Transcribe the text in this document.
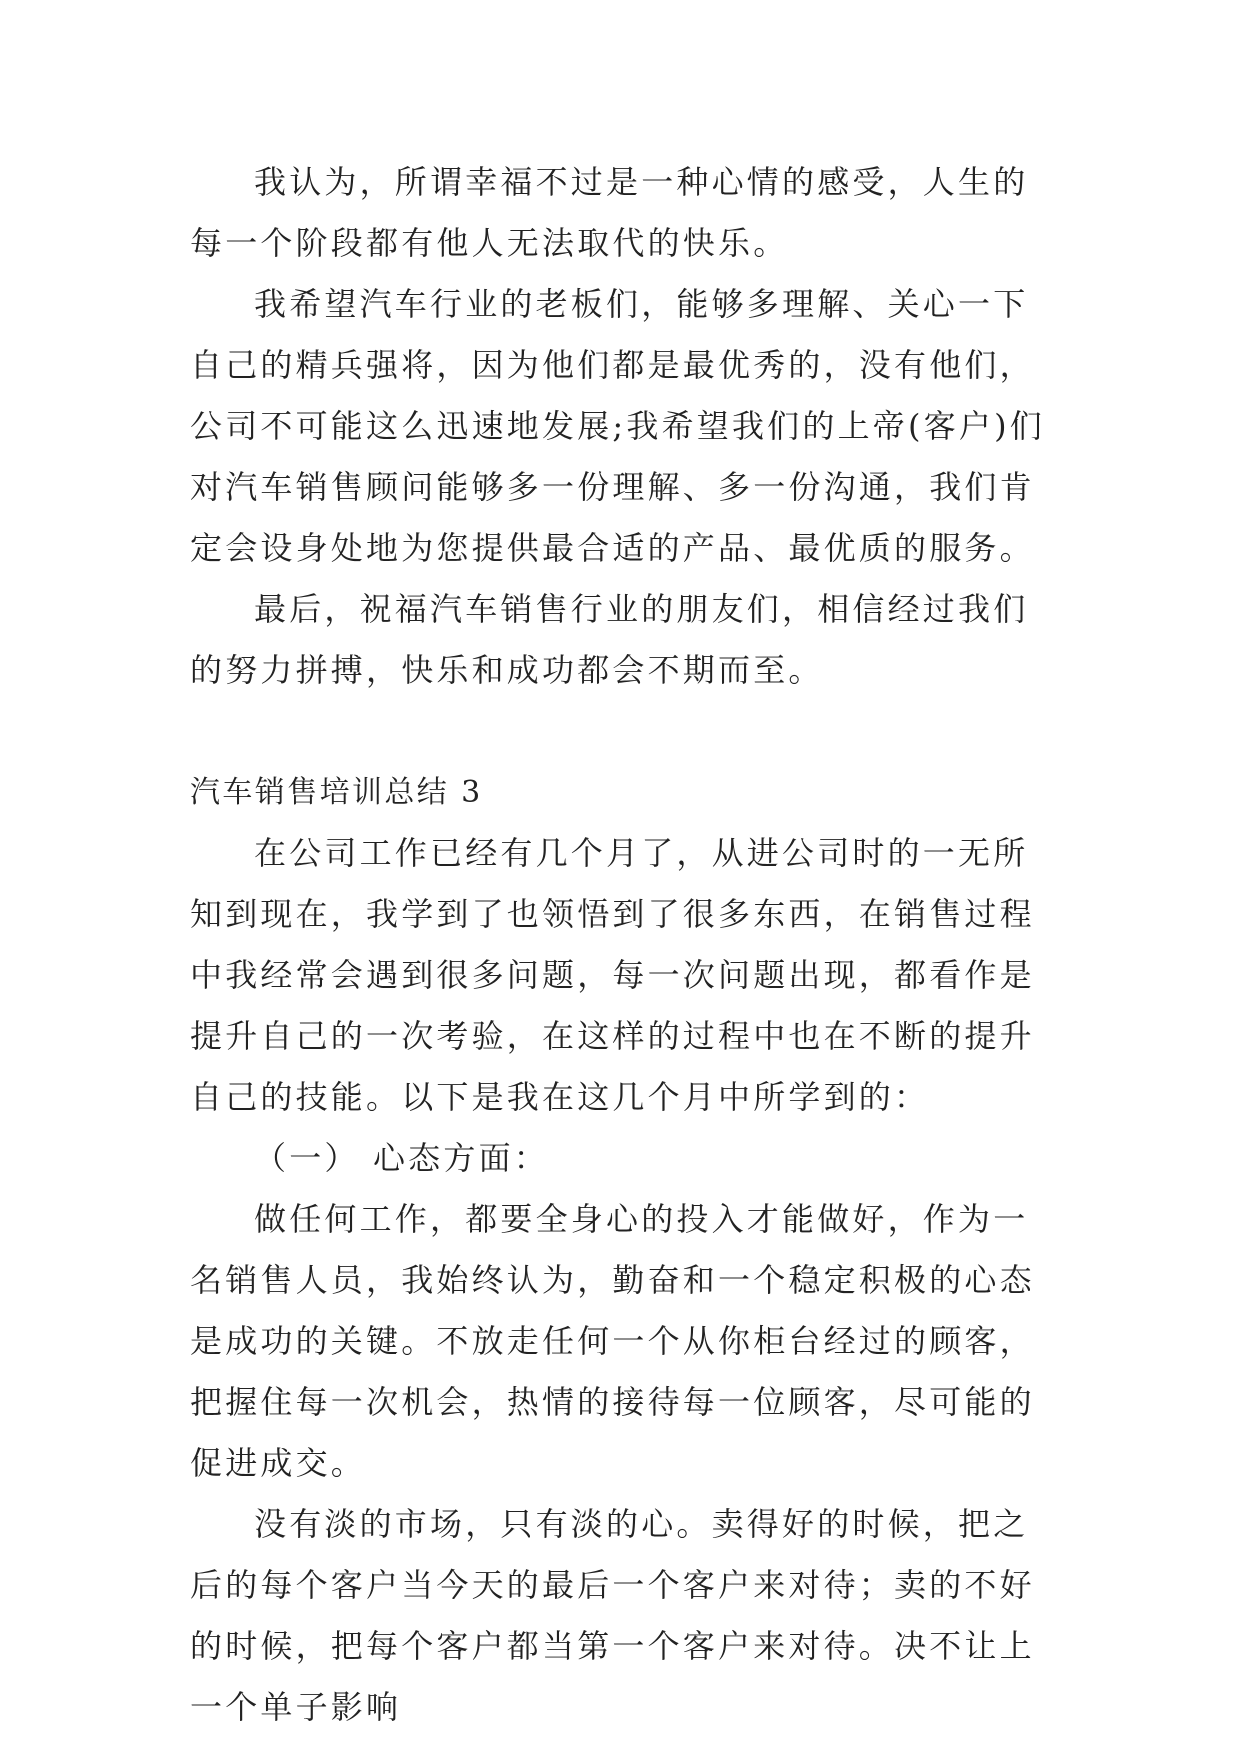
我认为，所谓幸福不过是一种心情的感受，人生的每一个阶段都有他人无法取代的快乐。

我希望汽车行业的老板们，能够多理解、关心一下自己的精兵强将，因为他们都是最优秀的，没有他们，公司不可能这么迅速地发展;我希望我们的上帝(客户)们对汽车销售顾问能够多一份理解、多一份沟通，我们肯定会设身处地为您提供最合适的产品、最优质的服务。

最后，祝福汽车销售行业的朋友们，相信经过我们的努力拼搏，快乐和成功都会不期而至。

汽车销售培训总结 3

在公司工作已经有几个月了，从进公司时的一无所知到现在，我学到了也领悟到了很多东西，在销售过程中我经常会遇到很多问题，每一次问题出现，都看作是提升自己的一次考验，在这样的过程中也在不断的提升自己的技能。以下是我在这几个月中所学到的：

（一） 心态方面：

做任何工作，都要全身心的投入才能做好，作为一名销售人员，我始终认为，勤奋和一个稳定积极的心态是成功的关键。不放走任何一个从你柜台经过的顾客，把握住每一次机会，热情的接待每一位顾客，尽可能的促进成交。

没有淡的市场，只有淡的心。卖得好的时候，把之后的每个客户当今天的最后一个客户来对待；卖的不好的时候，把每个客户都当第一个客户来对待。决不让上一个单子影响
